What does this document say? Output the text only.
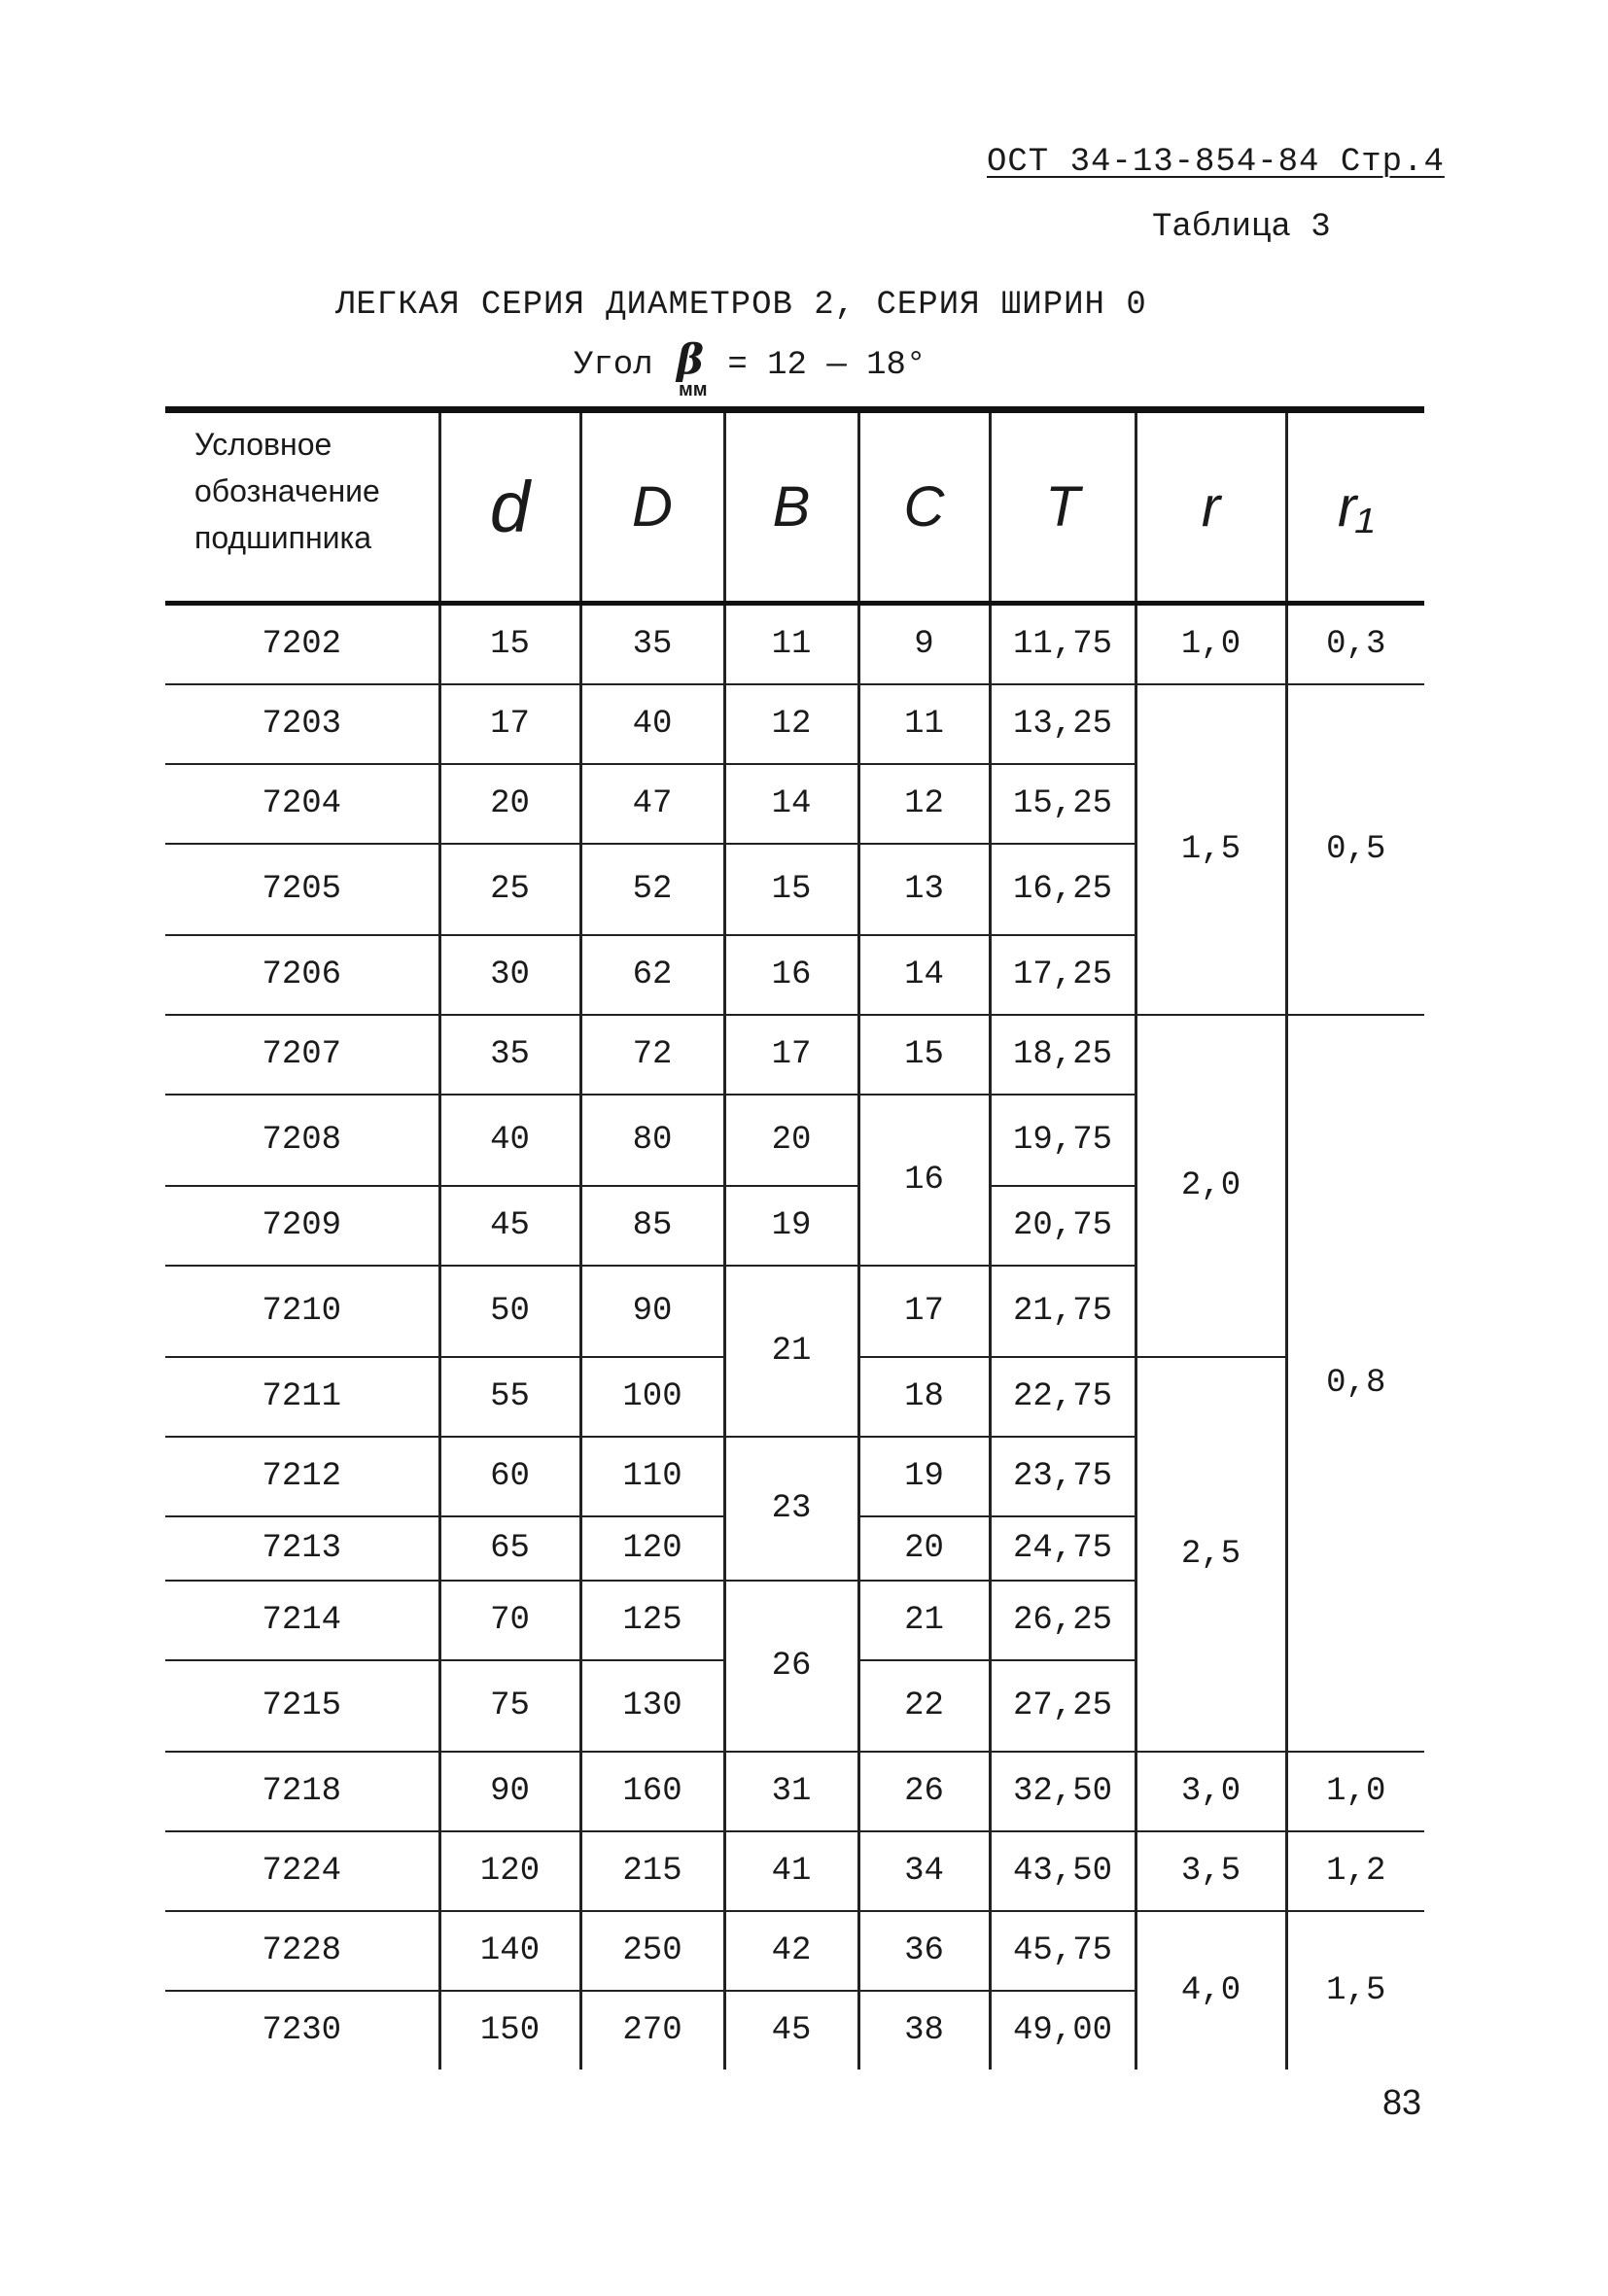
ОСТ 34-13-854-84 Стр.4
Таблица 3
ЛЕГКАЯ СЕРИЯ ДИАМЕТРОВ 2, СЕРИЯ ШИРИН 0
Угол β = 12 — 18°
мм
Условное
обозначение
подшипника	d	D	B	C	T	r	r₁
7202	15	35	11	9	11,75	1,0	0,3
7203	17	40	12	11	13,25	1,5	0,5
7204	20	47	14	12	15,25		
7205	25	52	15	13	16,25		
7206	30	62	16	14	17,25		
7207	35	72	17	15	18,25	2,0	0,8
7208	40	80	20	16	19,75		
7209	45	85	19		20,75		
7210	50	90	21	17	21,75		
7211	55	100		18	22,75	2,5	
7212	60	110	23	19	23,75		
7213	65	120		20	24,75		
7214	70	125	26	21	26,25		
7215	75	130		22	27,25		
7218	90	160	31	26	32,50	3,0	1,0
7224	120	215	41	34	43,50	3,5	1,2
7228	140	250	42	36	45,75	4,0	1,5
7230	150	270	45	38	49,00		
83
